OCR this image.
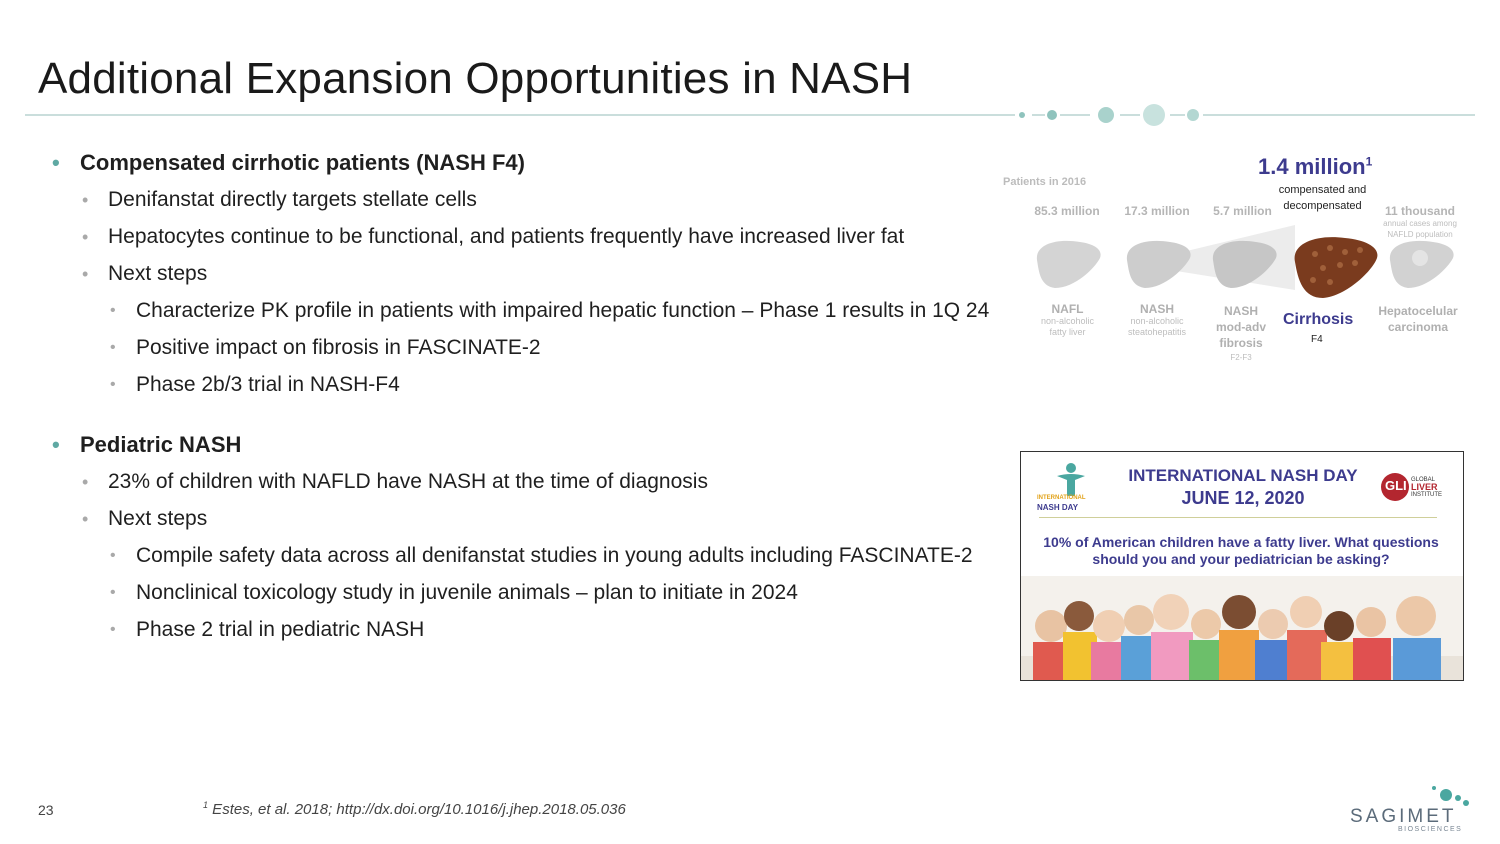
Additional Expansion Opportunities in NASH
• Compensated cirrhotic patients (NASH F4)
• Denifanstat directly targets stellate cells
• Hepatocytes continue to be functional, and patients frequently have increased liver fat
• Next steps
• Characterize PK profile in patients with impaired hepatic function – Phase 1 results in 1Q 24
• Positive impact on fibrosis in FASCINATE-2
• Phase 2b/3 trial in NASH-F4
• Pediatric NASH
• 23% of children with NAFLD have NASH at the time of diagnosis
• Next steps
• Compile safety data across all denifanstat studies in young adults including FASCINATE-2
• Nonclinical toxicology study in juvenile animals – plan to initiate in 2024
• Phase 2 trial in pediatric NASH
Patients in 2016
85.3 million
NAFL
non-alcoholic fatty liver
17.3 million
NASH
non-alcoholic steatohepatitis
5.7 million
NASH mod-adv fibrosis
F2-F3
11 thousand
annual cases among NAFLD population
Hepatocelular carcinoma
1.4 million$^1$
compensated and decompensated
Cirrhosis
F4
INTERNATIONAL
NASH DAY
INTERNATIONAL NASH DAY
JUNE 12, 2020
GLI GLOBAL
LIVER
INSTITUTE
10% of American children have a fatty liver. What questions should you and your pediatrician be asking?
23	$^1$ Estes, et al. 2018; http://dx.doi.org/10.1016/j.jhep.2018.05.036	SAGIMET
BIOSCIENCES
